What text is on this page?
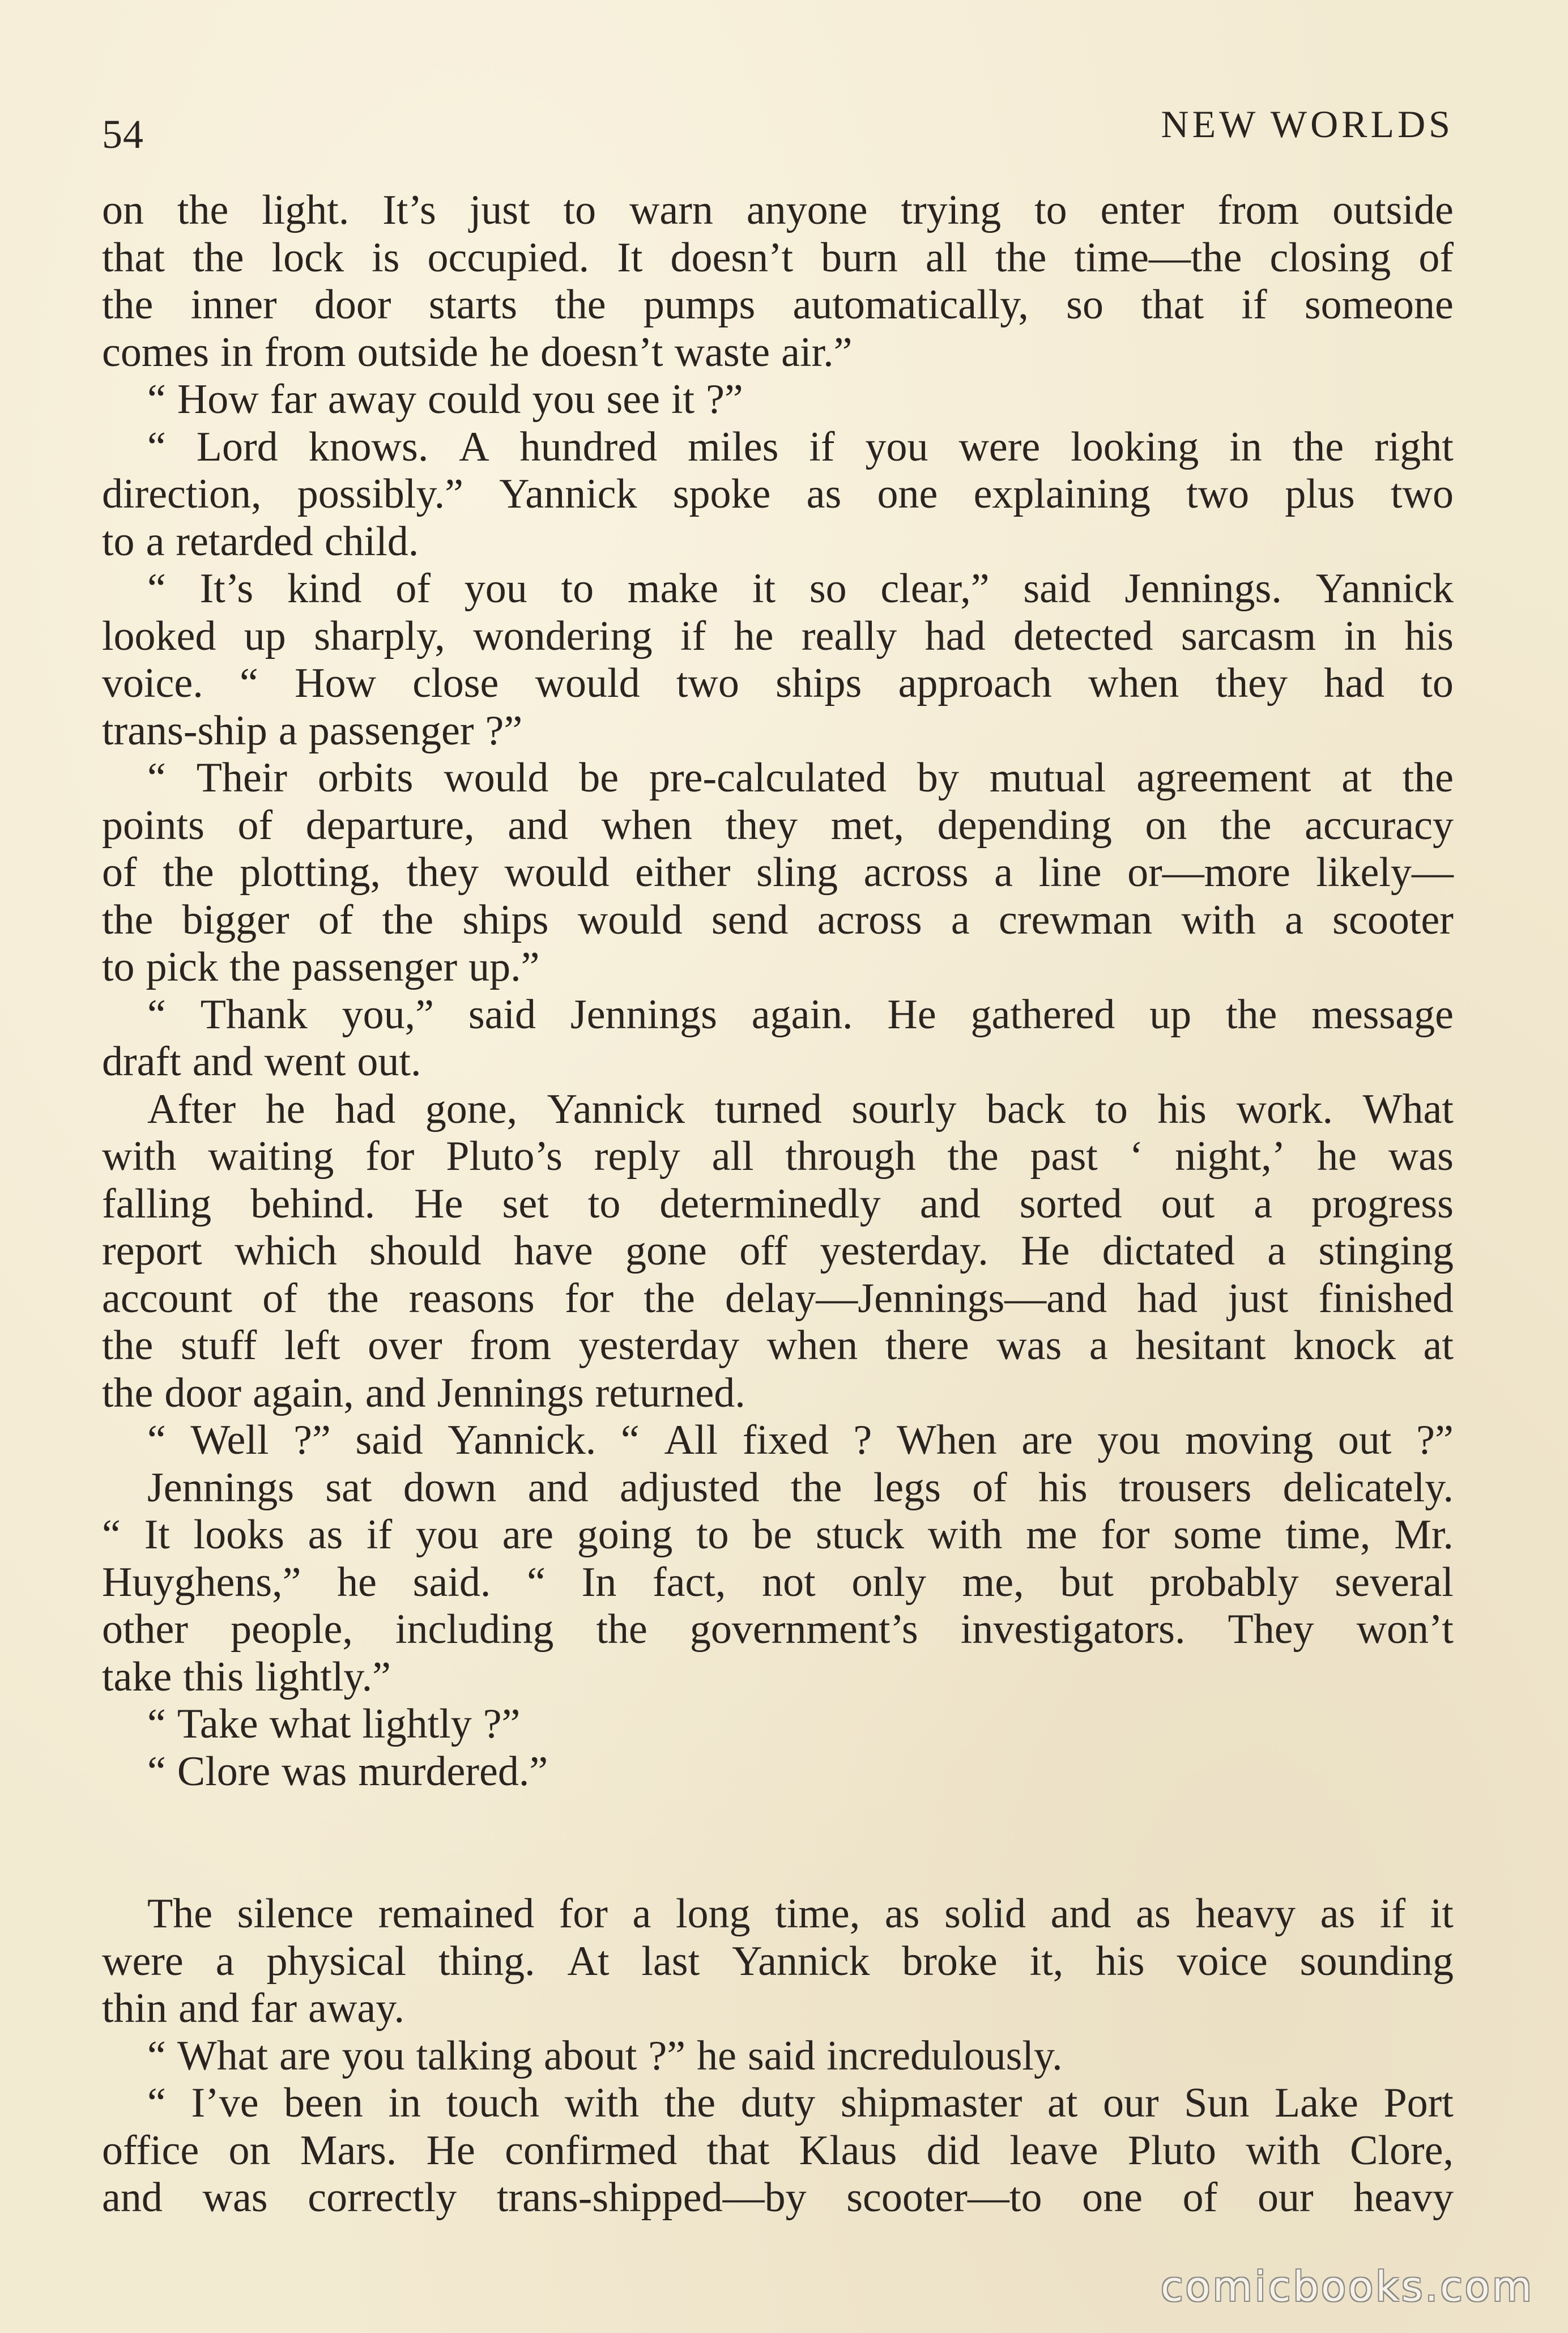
54	NEW WORLDS
on the light. It’s just to warn anyone trying to enter from outside
that the lock is occupied. It doesn’t burn all the time—the closing of
the inner door starts the pumps automatically, so that if someone
comes in from outside he doesn’t waste air.”
“ How far away could you see it ?”
“ Lord knows. A hundred miles if you were looking in the right
direction, possibly.” Yannick spoke as one explaining two plus two
to a retarded child.
“ It’s kind of you to make it so clear,” said Jennings. Yannick
looked up sharply, wondering if he really had detected sarcasm in his
voice. “ How close would two ships approach when they had to
trans-ship a passenger ?”
“ Their orbits would be pre-calculated by mutual agreement at the
points of departure, and when they met, depending on the accuracy
of the plotting, they would either sling across a line or—more likely—
the bigger of the ships would send across a crewman with a scooter
to pick the passenger up.”
“ Thank you,” said Jennings again. He gathered up the message
draft and went out.
After he had gone, Yannick turned sourly back to his work. What
with waiting for Pluto’s reply all through the past ‘ night,’ he was
falling behind. He set to determinedly and sorted out a progress
report which should have gone off yesterday. He dictated a stinging
account of the reasons for the delay—Jennings—and had just finished
the stuff left over from yesterday when there was a hesitant knock at
the door again, and Jennings returned.
“ Well ?” said Yannick. “ All fixed ? When are you moving out ?”
Jennings sat down and adjusted the legs of his trousers delicately.
“ It looks as if you are going to be stuck with me for some time, Mr.
Huyghens,” he said. “ In fact, not only me, but probably several
other people, including the government’s investigators. They won’t
take this lightly.”
“ Take what lightly ?”
“ Clore was murdered.”
The silence remained for a long time, as solid and as heavy as if it
were a physical thing. At last Yannick broke it, his voice sounding
thin and far away.
“ What are you talking about ?” he said incredulously.
“ I’ve been in touch with the duty shipmaster at our Sun Lake Port
office on Mars. He confirmed that Klaus did leave Pluto with Clore,
and was correctly trans-shipped—by scooter—to one of our heavy
comicbooks.com
